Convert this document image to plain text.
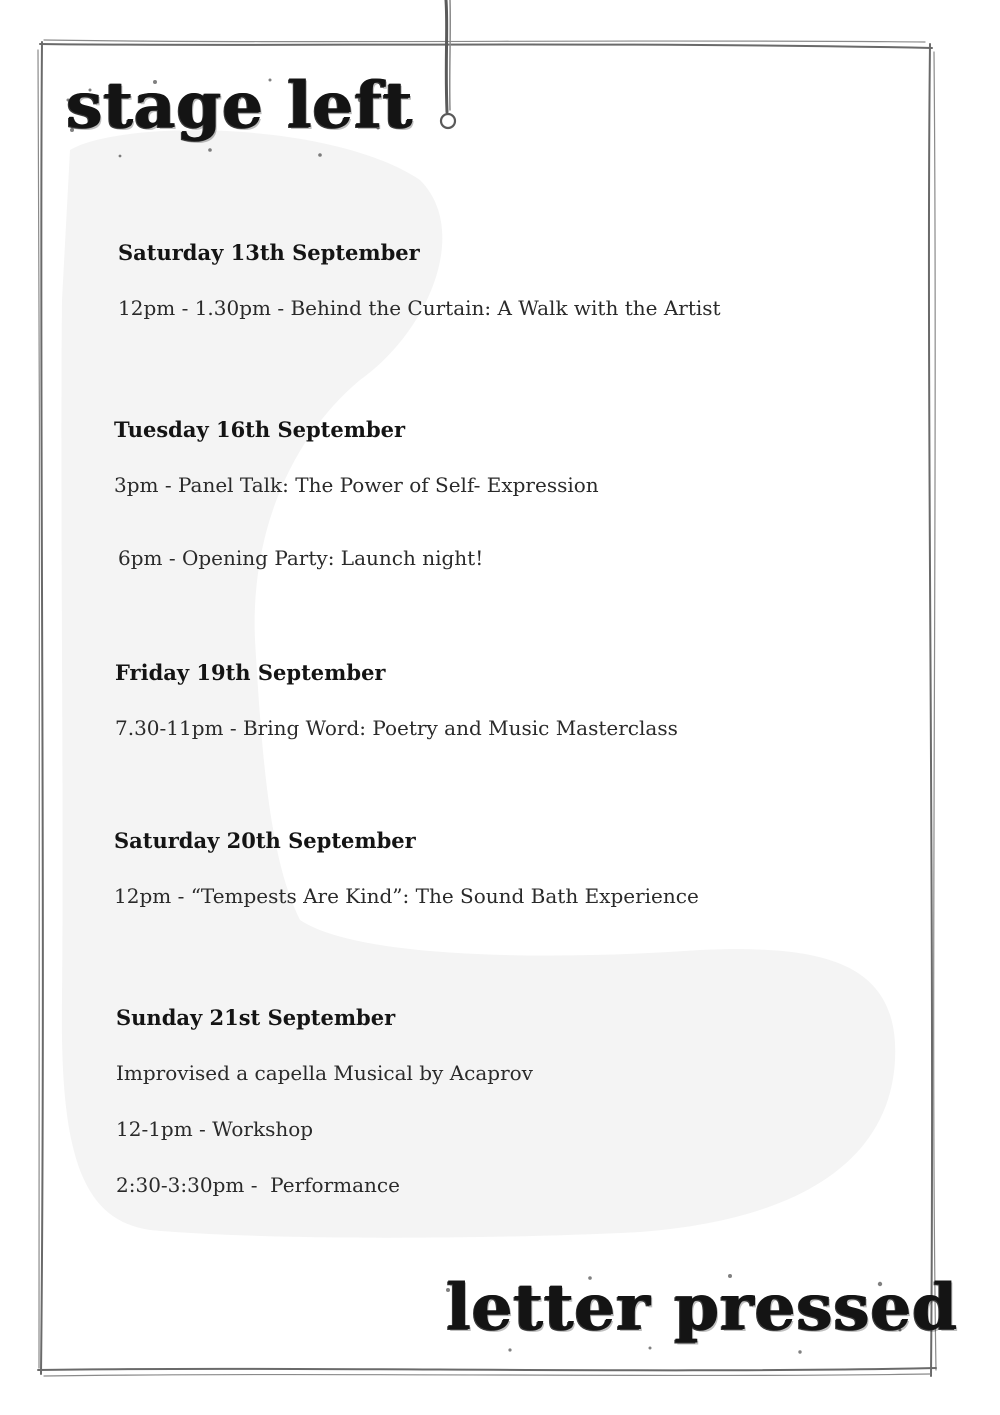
stage left
letter pressed
Saturday 13th September

12pm - 1.30pm - Behind the Curtain: A Walk with the Artist

Tuesday 16th September

3pm - Panel Talk: The Power of Self- Expression

6pm - Opening Party: Launch night!

Friday 19th September

7.30-11pm - Bring Word: Poetry and Music Masterclass

Saturday 20th September

12pm - “Tempests Are Kind”: The Sound Bath Experience

Sunday 21st September

Improvised a capella Musical by Acaprov

12-1pm - Workshop

2:30-3:30pm -  Performance
